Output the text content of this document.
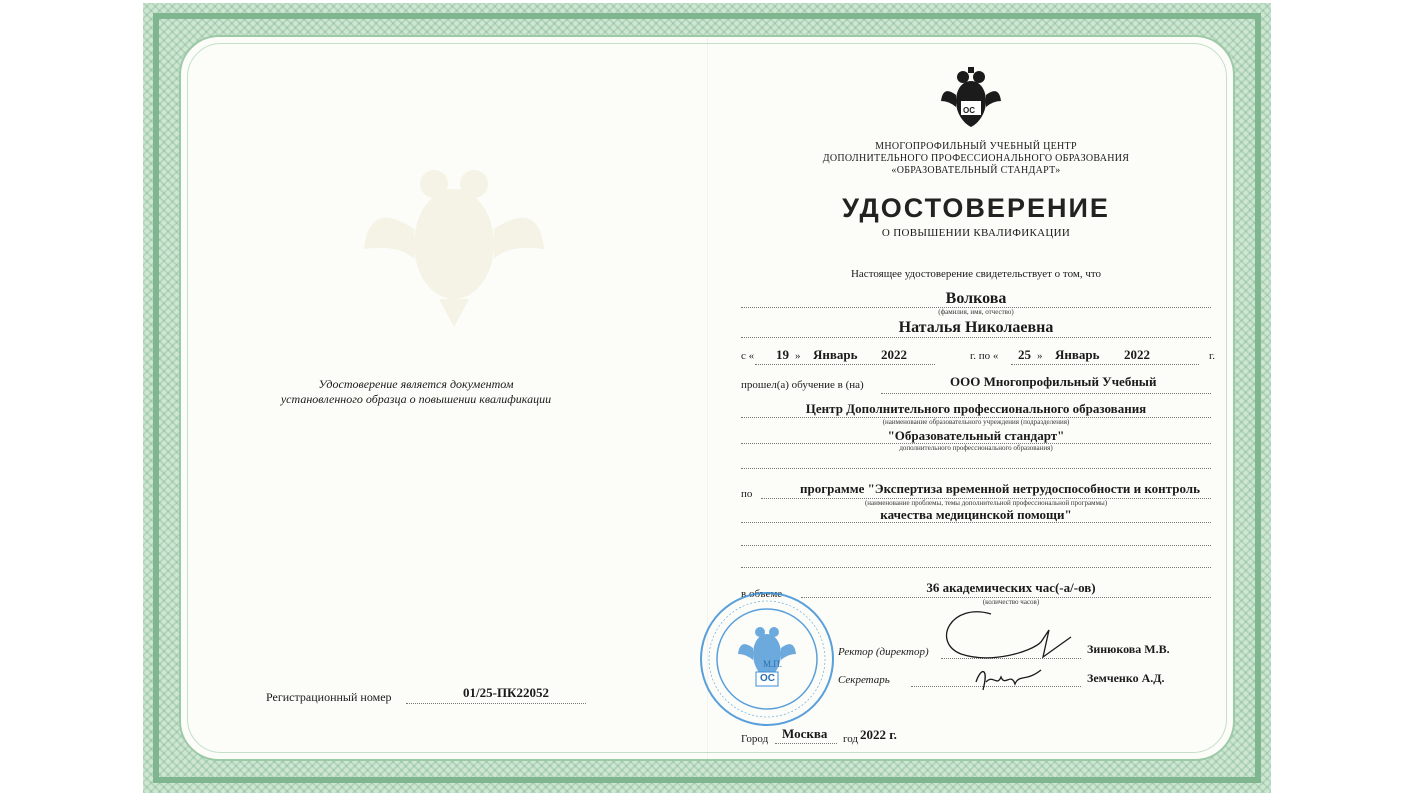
Удостоверение является документом
установленного образца о повышении квалификации
Регистрационный номер	01/25-ПК22052
ОС
МНОГОПРОФИЛЬНЫЙ УЧЕБНЫЙ ЦЕНТР
ДОПОЛНИТЕЛЬНОГО ПРОФЕССИОНАЛЬНОГО ОБРАЗОВАНИЯ
«ОБРАЗОВАТЕЛЬНЫЙ СТАНДАРТ»
УДОСТОВЕРЕНИЕ
О ПОВЫШЕНИИ КВАЛИФИКАЦИИ
Настоящее удостоверение свидетельствует о том, что
Волкова
(фамилия, имя, отчество)
Наталья Николаевна
с « 19 » Январь 2022	г. по « 25 » Январь 2022	г.
прошел(а) обучение в (на)	ООО Многопрофильный Учебный
Центр Дополнительного профессионального образования
(наименование образовательного учреждения (подразделения)
"Образовательный стандарт"
дополнительного профессионального образования)
по	программе "Экспертиза временной нетрудоспособности и контроль
(наименование проблемы, темы дополнительной профессиональной программы)
качества медицинской помощи"
в объеме	36 академических час(-а/-ов)
(количество часов)
М.П.
ОС
Ректор (директор)	Зинюкова М.В.
Секретарь	Земченко А.Д.
Город Москва год 2022 г.
